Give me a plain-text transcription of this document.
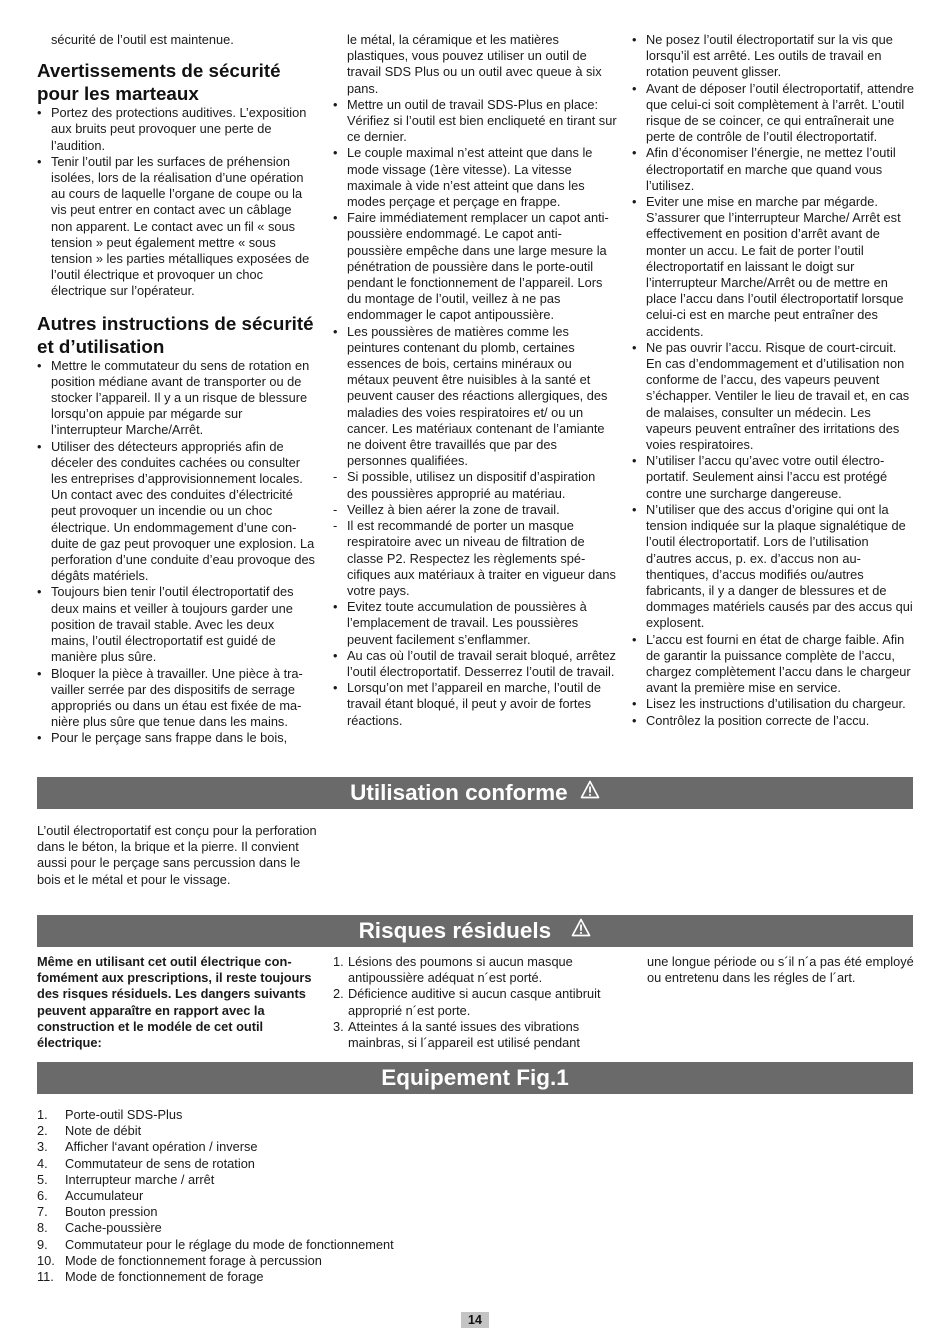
sécurité de l’outil est maintenue.

Avertissements de sécurité pour les marteaux
• Portez des protections auditives. L’exposition aux bruits peut provoquer une perte de l’audition.
• Tenir l’outil par les surfaces de préhension isolées, lors de la réalisation d’une opération au cours de laquelle l’organe de coupe ou la vis peut entrer en contact avec un câblage non apparent. Le contact avec un fil « sous tension » peut également mettre « sous tension » les parties métalliques exposées de l’outil électrique et provoquer un choc électrique sur l’opérateur.
Autres instructions de sécurité et d’utilisation
• Mettre le commutateur du sens de rotation en position médiane avant de transporter ou de stocker l’appareil. Il y a un risque de blessure lorsqu’on appuie par mégarde sur l’interrupteur Marche/Arrêt.
• Utiliser des détecteurs appropriés afin de déceler des conduites cachées ou consulter les entreprises d’approvisionnement locales. Un contact avec des conduites d’électricité peut provoquer un incendie ou un choc électrique. Un endommagement d’une conduite de gaz peut provoquer une explosion. La perforation d’une conduite d’eau provoque des dégâts matériels.
• Toujours bien tenir l’outil électroportatif des deux mains et veiller à toujours garder une position de travail stable. Avec les deux mains, l’outil électroportatif est guidé de manière plus sûre.
• Bloquer la pièce à travailler. Une pièce à travailler serrée par des dispositifs de serrage appropriés ou dans un étau est fixée de manière plus sûre que tenue dans les mains.
• Pour le perçage sans frappe dans le bois,

le métal, la céramique et les matières plastiques, vous pouvez utiliser un outil de travail SDS Plus ou un outil avec queue à six pans.

• Mettre un outil de travail SDS-Plus en place: Vérifiez si l’outil est bien encliqueté en tirant sur ce dernier.
• Le couple maximal n’est atteint que dans le mode vissage (1ère vitesse). La vitesse maximale à vide n’est atteint que dans les modes perçage et perçage en frappe.
• Faire immédiatement remplacer un capot anti-poussière endommagé. Le capot anti-poussière empêche dans une large mesure la pénétration de poussière dans le porte-outil pendant le fonctionnement de l’appareil. Lors du montage de l’outil, veillez à ne pas endommager le capot antipoussière.
• Les poussières de matières comme les peintures contenant du plomb, certaines essences de bois, certains minéraux ou métaux peuvent être nuisibles à la santé et peuvent causer des réactions allergiques, des maladies des voies respiratoires et/ ou un cancer. Les matériaux contenant de l’amiante ne doivent être travaillés que par des personnes qualifiées.
- Si possible, utilisez un dispositif d’aspiration des poussières approprié au matériau.
- Veillez à bien aérer la zone de travail.
- Il est recommandé de porter un masque respiratoire avec un niveau de filtration de classe P2. Respectez les règlements spécifiques aux matériaux à traiter en vigueur dans votre pays.
• Evitez toute accumulation de poussières à l’emplacement de travail. Les poussières peuvent facilement s’enflammer.
• Au cas où l’outil de travail serait bloqué, arrêtez l’outil électroportatif. Desserrez l’outil de travail.
• Lorsqu’on met l’appareil en marche, l’outil de travail étant bloqué, il peut y avoir de fortes réactions.
• Ne posez l’outil électroportatif sur la vis que lorsqu’il est arrêté. Les outils de travail en rotation peuvent glisser.
• Avant de déposer l’outil électroportatif, attendre que celui-ci soit complètement à l’arrêt. L’outil risque de se coincer, ce qui entraînerait une perte de contrôle de l’outil électroportatif.
• Afin d’économiser l’énergie, ne mettez l’outil électroportatif en marche que quand vous l’utilisez.
• Eviter une mise en marche par mégarde. S’assurer que l’interrupteur Marche/ Arrêt est effectivement en position d’arrêt avant de monter un accu. Le fait de porter l’outil électroportatif en laissant le doigt sur l’interrupteur Marche/Arrêt ou de mettre en place l’accu dans l’outil électroportatif lorsque celui-ci est en marche peut entraîner des accidents.
• Ne pas ouvrir l’accu. Risque de court-circuit. En cas d’endommagement et d’utilisation non conforme de l’accu, des vapeurs peuvent s’échapper. Ventiler le lieu de travail et, en cas de malaises, consulter un médecin. Les vapeurs peuvent entraîner des irritations des voies respiratoires.
• N’utiliser l’accu qu’avec votre outil électroportatif. Seulement ainsi l’accu est protégé contre une surcharge dangereuse.
• N’utiliser que des accus d’origine qui ont la tension indiquée sur la plaque signalétique de l’outil électroportatif. Lors de l’utilisation d’autres accus, p. ex. d’accus non authentiques, d’accus modifiés ou/autres fabricants, il y a danger de blessures et de dommages matériels causés par des accus qui explosent.
• L’accu est fourni en état de charge faible. Afin de garantir la puissance complète de l’accu, chargez complètement l’accu dans le chargeur avant la première mise en service.
• Lisez les instructions d’utilisation du chargeur.
• Contrôlez la position correcte de l’accu.
Utilisation conforme
L’outil électroportatif est conçu pour la perforation dans le béton, la brique et la pierre. Il convient aussi pour le perçage sans percussion dans le bois et le métal et pour le vissage.
Risques résiduels
Même en utilisant cet outil électrique confomément aux prescriptions, il reste toujours des risques résiduels. Les dangers suivants peuvent apparaître en rapport avec la construction et le modéle de cet outil électrique:
1. Lésions des poumons si aucun masque antipoussière adéquat n´est porté.
2. Déficience auditive si aucun casque antibruit approprié n´est porte.
3. Atteintes á la santé issues des vibrations mainbras, si l´appareil est utilisé pendant
une longue période ou s´il n´a pas été employé ou entretenu dans les régles de l´art.
Equipement Fig.1
1. Porte-outil SDS-Plus
2. Note de débit
3. Afficher l‘avant opération / inverse
4. Commutateur de sens de rotation
5. Interrupteur marche / arrêt
6. Accumulateur
7. Bouton pression
8. Cache-poussière
9. Commutateur pour le réglage du mode de fonctionnement
10. Mode de fonctionnement forage à percussion
11. Mode de fonctionnement de forage
14
